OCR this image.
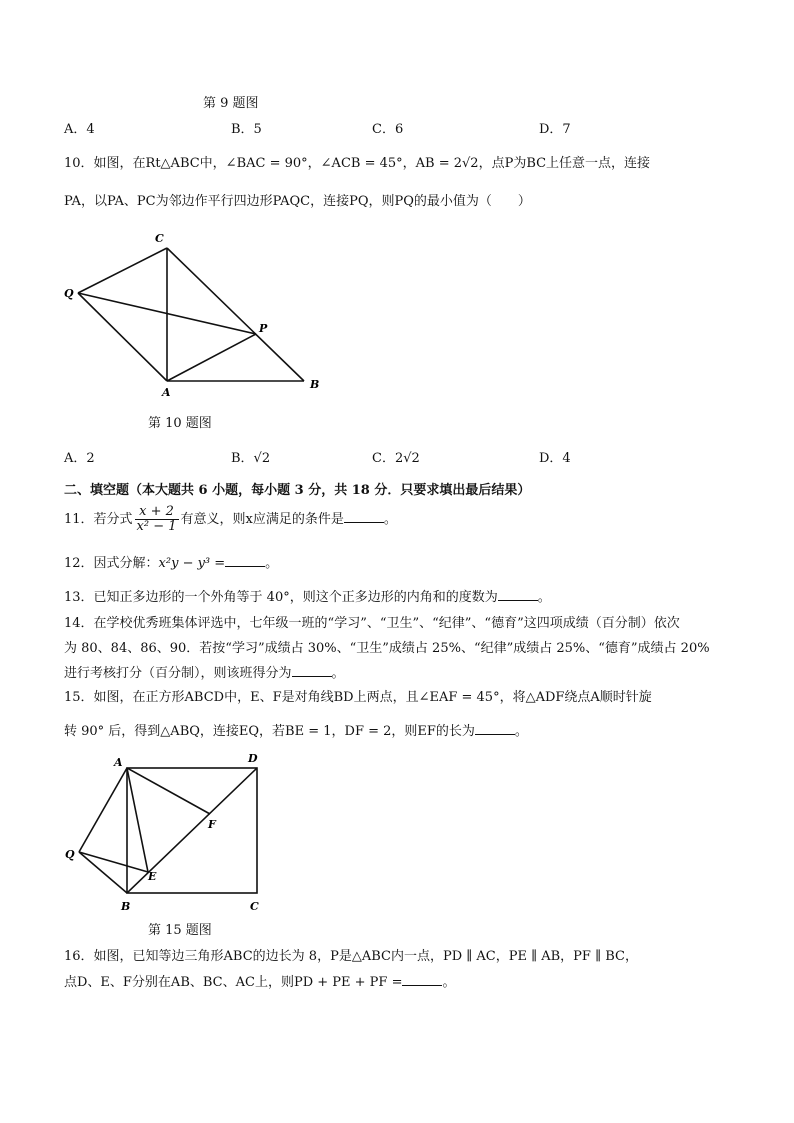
第 9 题图
A．4	B．5	C．6	D．7
10．如图，在Rt△ABC中，∠BAC = 90°，∠ACB = 45°，AB = 2√2，点P为BC上任意一点，连接
PA，以PA、PC为邻边作平行四边形PAQC，连接PQ，则PQ的最小值为（　　）
C
Q
P
A
B
第 10 题图
A．2	B．√2	C．2√2	D．4
二、填空题（本大题共 6 小题，每小题 3 分，共 18 分．只要求填出最后结果）
11．若分式 $\frac{x + 2}{\text{x² − 1}}$ 有意义，则x应满足的条件是	。
12．因式分解：x²y − y³ =	。
13．已知正多边形的一个外角等于 40°，则这个正多边形的内角和的度数为	。
14．在学校优秀班集体评选中，七年级一班的“学习”、“卫生”、“纪律”、“德育”这四项成绩（百分制）依次
为 80、84、86、90．若按“学习”成绩占 30%、“卫生”成绩占 25%、“纪律”成绩占 25%、“德育”成绩占 20%
进行考核打分（百分制），则该班得分为	。
15．如图，在正方形ABCD中，E、F是对角线BD上两点，且∠EAF = 45°，将△ADF绕点A顺时针旋
转 90° 后，得到△ABQ，连接EQ，若BE = 1，DF = 2，则EF的长为	。
A	D
F
Q
E
B	C
第 15 题图
16．如图，已知等边三角形ABC的边长为 8，P是△ABC内一点，PD ∥ AC，PE ∥ AB，PF ∥ BC，
点D、E、F分别在AB、BC、AC上，则PD + PE + PF =	。
